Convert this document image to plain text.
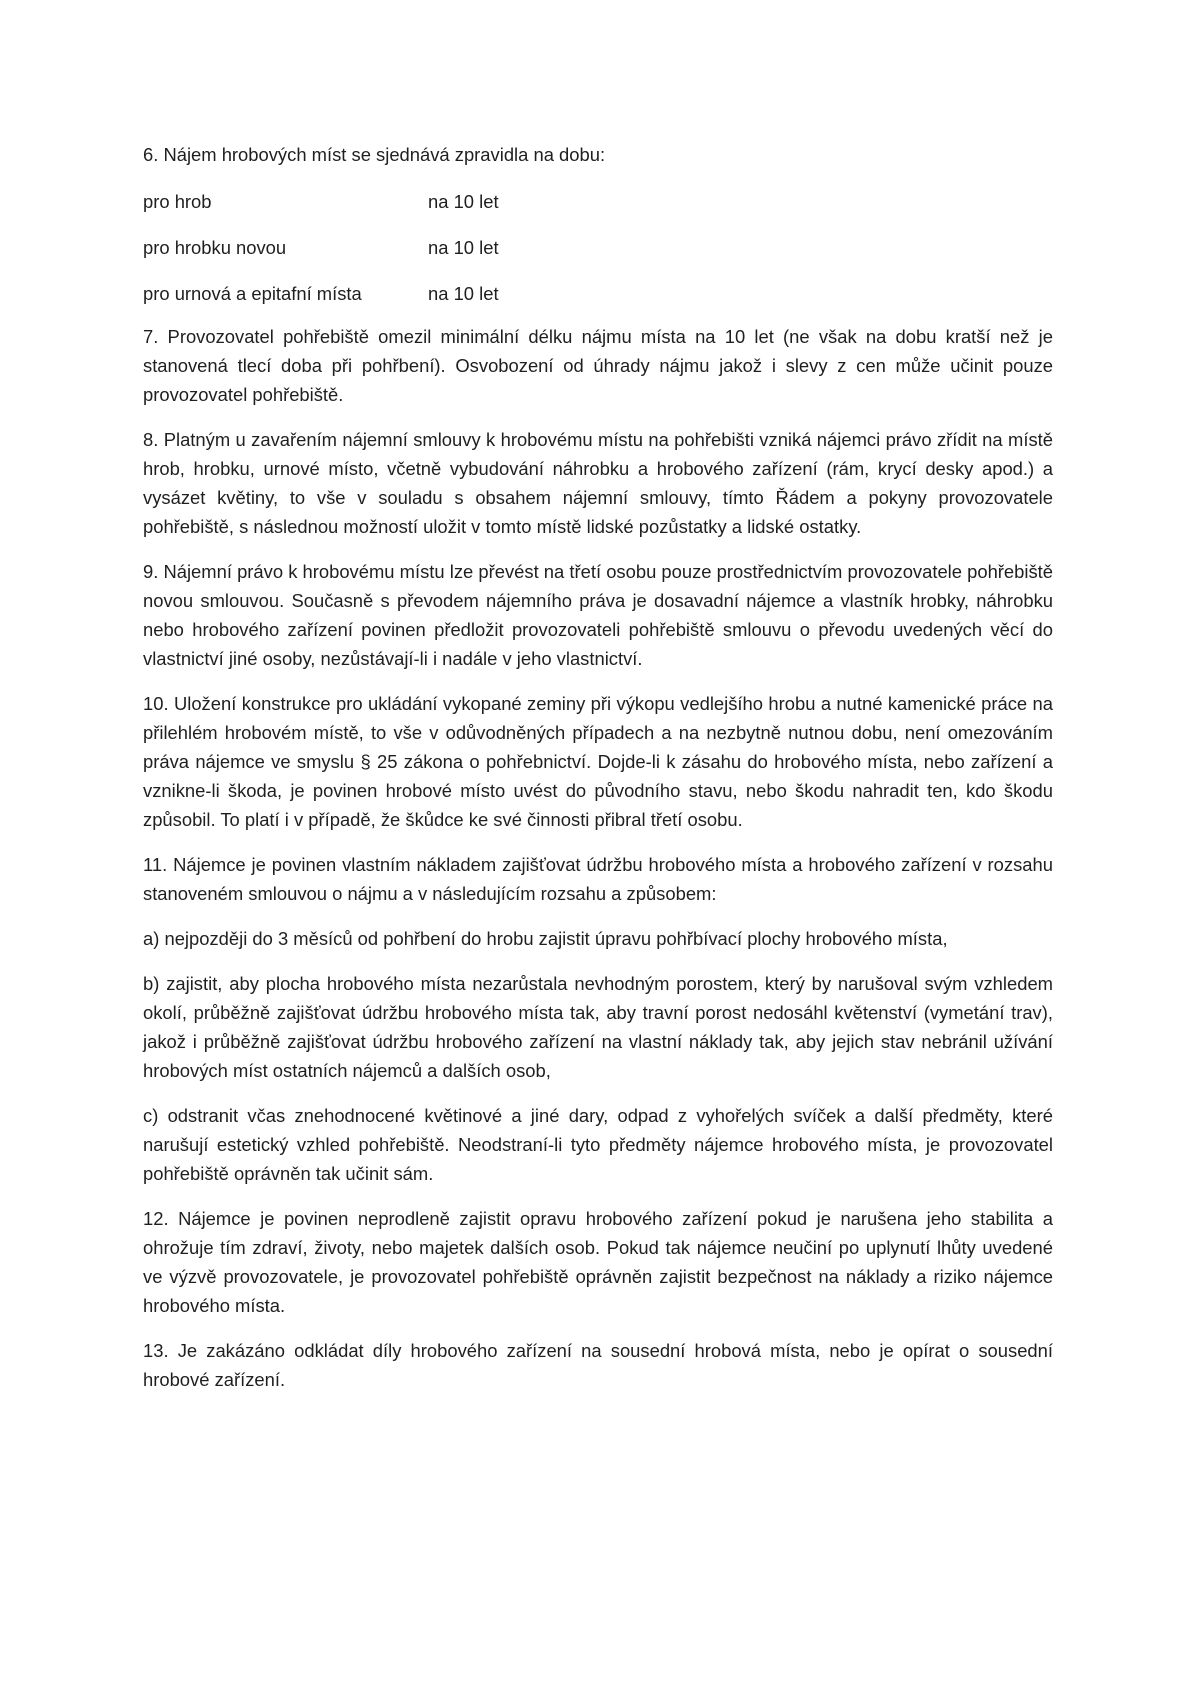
6. Nájem hrobových míst se sjednává zpravidla na dobu:

pro hrob	na 10 let
pro hrobku novou	na 10 let
pro urnová a epitafní místa	na 10 let

7. Provozovatel pohřebiště omezil minimální délku nájmu místa na 10 let (ne však na dobu kratší než je stanovená tlecí doba při pohřbení). Osvobození od úhrady nájmu jakož i slevy z cen může učinit pouze provozovatel pohřebiště.

8. Platným u zavařením nájemní smlouvy k hrobovému místu na pohřebišti vzniká nájemci právo zřídit na místě hrob, hrobku, urnové místo, včetně vybudování náhrobku a hrobového zařízení (rám, krycí desky apod.) a vysázet květiny, to vše v souladu s obsahem nájemní smlouvy, tímto Řádem a pokyny provozovatele pohřebiště, s následnou možností uložit v tomto místě lidské pozůstatky a lidské ostatky.

9. Nájemní právo k hrobovému místu lze převést na třetí osobu pouze prostřednictvím provozovatele pohřebiště novou smlouvou. Současně s převodem nájemního práva je dosavadní nájemce a vlastník hrobky, náhrobku nebo hrobového zařízení povinen předložit provozovateli pohřebiště smlouvu o převodu uvedených věcí do vlastnictví jiné osoby, nezůstávají-li i nadále v jeho vlastnictví.

10. Uložení konstrukce pro ukládání vykopané zeminy při výkopu vedlejšího hrobu a nutné kamenické práce na přilehlém hrobovém místě, to vše v odůvodněných případech a na nezbytně nutnou dobu, není omezováním práva nájemce ve smyslu § 25 zákona o pohřebnictví. Dojde-li k zásahu do hrobového místa, nebo zařízení a vznikne-li škoda, je povinen hrobové místo uvést do původního stavu, nebo škodu nahradit ten, kdo škodu způsobil. To platí i v případě, že škůdce ke své činnosti přibral třetí osobu.

11. Nájemce je povinen vlastním nákladem zajišťovat údržbu hrobového místa a hrobového zařízení v rozsahu stanoveném smlouvou o nájmu a v následujícím rozsahu a způsobem:

a) nejpozději do 3 měsíců od pohřbení do hrobu zajistit úpravu pohřbívací plochy hrobového místa,

b) zajistit, aby plocha hrobového místa nezarůstala nevhodným porostem, který by narušoval svým vzhledem okolí, průběžně zajišťovat údržbu hrobového místa tak, aby travní porost nedosáhl květenství (vymetání trav), jakož i průběžně zajišťovat údržbu hrobového zařízení na vlastní náklady tak, aby jejich stav nebránil užívání hrobových míst ostatních nájemců a dalších osob,

c) odstranit včas znehodnocené květinové a jiné dary, odpad z vyhořelých svíček a další předměty, které narušují estetický vzhled pohřebiště. Neodstraní-li tyto předměty nájemce hrobového místa, je provozovatel pohřebiště oprávněn tak učinit sám.

12. Nájemce je povinen neprodleně zajistit opravu hrobového zařízení pokud je narušena jeho stabilita a ohrožuje tím zdraví, životy, nebo majetek dalších osob. Pokud tak nájemce neučiní po uplynutí lhůty uvedené ve výzvě provozovatele, je provozovatel pohřebiště oprávněn zajistit bezpečnost na náklady a riziko nájemce hrobového místa.

13. Je zakázáno odkládat díly hrobového zařízení na sousední hrobová místa, nebo je opírat o sousední hrobové zařízení.
